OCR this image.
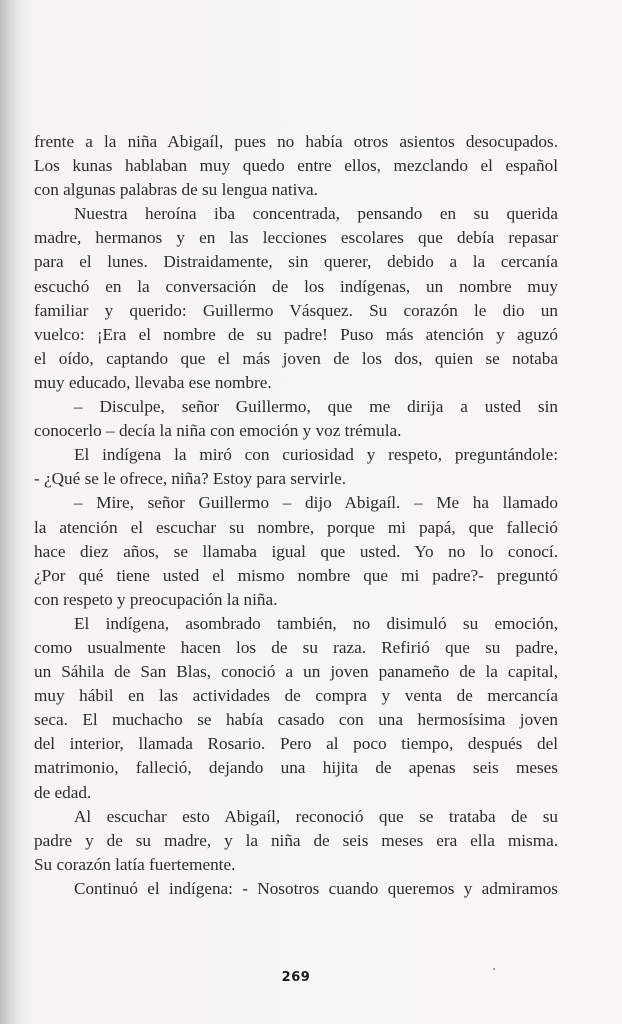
frente a la niña Abigaíl, pues no había otros asientos desocupados.
Los kunas hablaban muy quedo entre ellos, mezclando el español
con algunas palabras de su lengua nativa.
Nuestra heroína iba concentrada, pensando en su querida
madre, hermanos y en las lecciones escolares que debía repasar
para el lunes. Distraidamente, sin querer, debido a la cercanía
escuchó en la conversación de los indígenas, un nombre muy
familiar y querido: Guillermo Vásquez. Su corazón le dio un
vuelco: ¡Era el nombre de su padre! Puso más atención y aguzó
el oído, captando que el más joven de los dos, quien se notaba
muy educado, llevaba ese nombre.
– Disculpe, señor Guillermo, que me dirija a usted sin
conocerlo – decía la niña con emoción y voz trémula.
El indígena la miró con curiosidad y respeto, preguntándole:
- ¿Qué se le ofrece, niña? Estoy para servirle.
– Mire, señor Guillermo – dijo Abigaíl. – Me ha llamado
la atención el escuchar su nombre, porque mi papá, que falleció
hace diez años, se llamaba igual que usted. Yo no lo conocí.
¿Por qué tiene usted el mismo nombre que mi padre?- preguntó
con respeto y preocupación la niña.
El indígena, asombrado también, no disimuló su emoción,
como usualmente hacen los de su raza. Refirió que su padre,
un Sáhila de San Blas, conoció a un joven panameño de la capital,
muy hábil en las actividades de compra y venta de mercancía
seca. El muchacho se había casado con una hermosísima joven
del interior, llamada Rosario. Pero al poco tiempo, después del
matrimonio, falleció, dejando una hijita de apenas seis meses
de edad.
Al escuchar esto Abigaíl, reconoció que se trataba de su
padre y de su madre, y la niña de seis meses era ella misma.
Su corazón latía fuertemente.
Continuó el indígena: - Nosotros cuando queremos y admiramos
269
